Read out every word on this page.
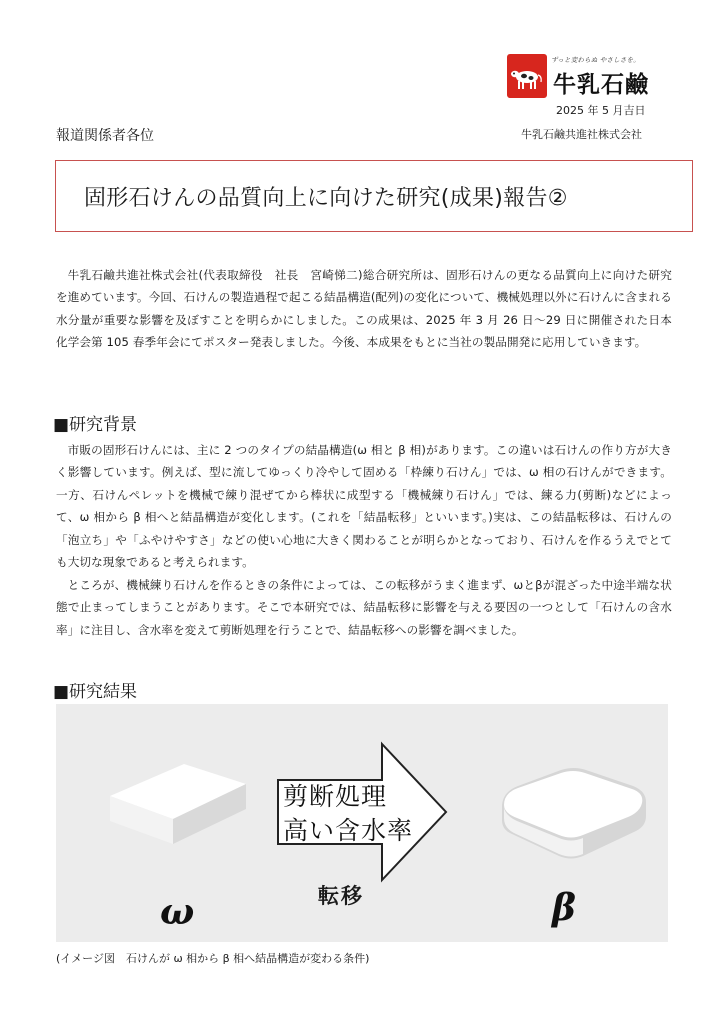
ずっと変わらぬ やさしさを。
牛乳石鹼
2025 年 5 月吉日
報道関係者各位	牛乳石鹼共進社株式会社
固形石けんの品質向上に向けた研究(成果)報告②

牛乳石鹼共進社株式会社(代表取締役　社長　宮崎悌二)総合研究所は、固形石けんの更なる品質向上に向けた研究を進めています。今回、石けんの製造過程で起こる結晶構造(配列)の変化について、機械処理以外に石けんに含まれる水分量が重要な影響を及ぼすことを明らかにしました。この成果は、2025 年 3 月 26 日～29 日に開催された日本化学会第 105 春季年会にてポスター発表しました。今後、本成果をもとに当社の製品開発に応用していきます。

■研究背景

市販の固形石けんには、主に 2 つのタイプの結晶構造(ω 相と β 相)があります。この違いは石けんの作り方が大きく影響しています。例えば、型に流してゆっくり冷やして固める「枠練り石けん」では、ω 相の石けんができます。一方、石けんペレットを機械で練り混ぜてから棒状に成型する「機械練り石けん」では、練る力(剪断)などによって、ω 相から β 相へと結晶構造が変化します。(これを「結晶転移」といいます。)実は、この結晶転移は、石けんの「泡立ち」や「ふやけやすさ」などの使い心地に大きく関わることが明らかとなっており、石けんを作るうえでとても大切な現象であると考えられます。

ところが、機械練り石けんを作るときの条件によっては、この転移がうまく進まず、ωとβが混ざった中途半端な状態で止まってしまうことがあります。そこで本研究では、結晶転移に影響を与える要因の一つとして「石けんの含水率」に注目し、含水率を変えて剪断処理を行うことで、結晶転移への影響を調べました。

■研究結果
剪断処理
高い含水率
転移
ω	β
(イメージ図　石けんが ω 相から β 相へ結晶構造が変わる条件)
